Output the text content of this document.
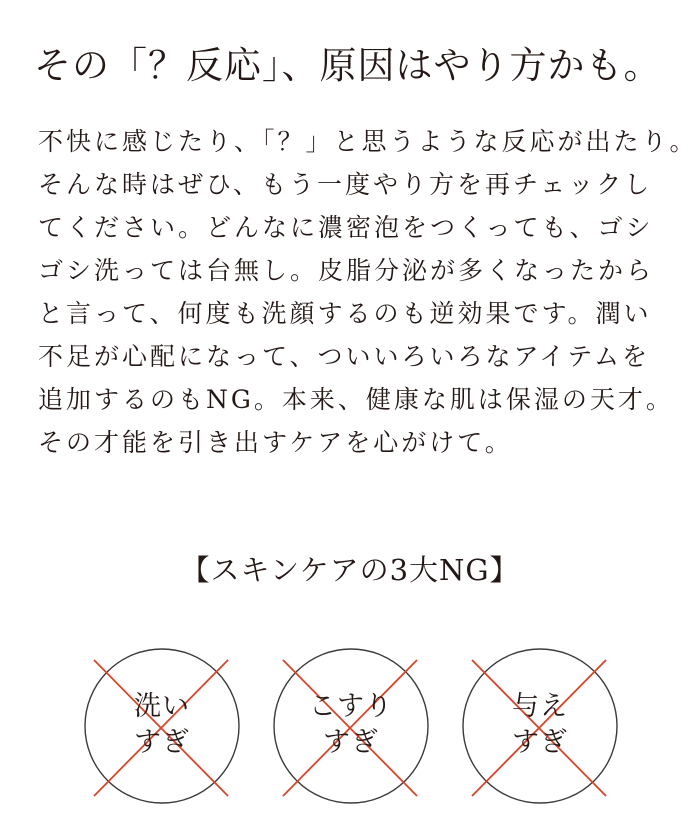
その「？反応」、原因はやり方かも。
不快に感じたり、「？」と思うような反応が出たり。
そんな時はぜひ、もう一度やり方を再チェックし
てください。どんなに濃密泡をつくっても、ゴシ
ゴシ洗っては台無し。皮脂分泌が多くなったから
と言って、何度も洗顔するのも逆効果です。潤い
不足が心配になって、ついいろいろなアイテムを
追加するのもNG。本来、健康な肌は保湿の天才。
その才能を引き出すケアを心がけて。
【スキンケアの3大NG】
洗い
すぎ
こすり
すぎ
与え
すぎ
